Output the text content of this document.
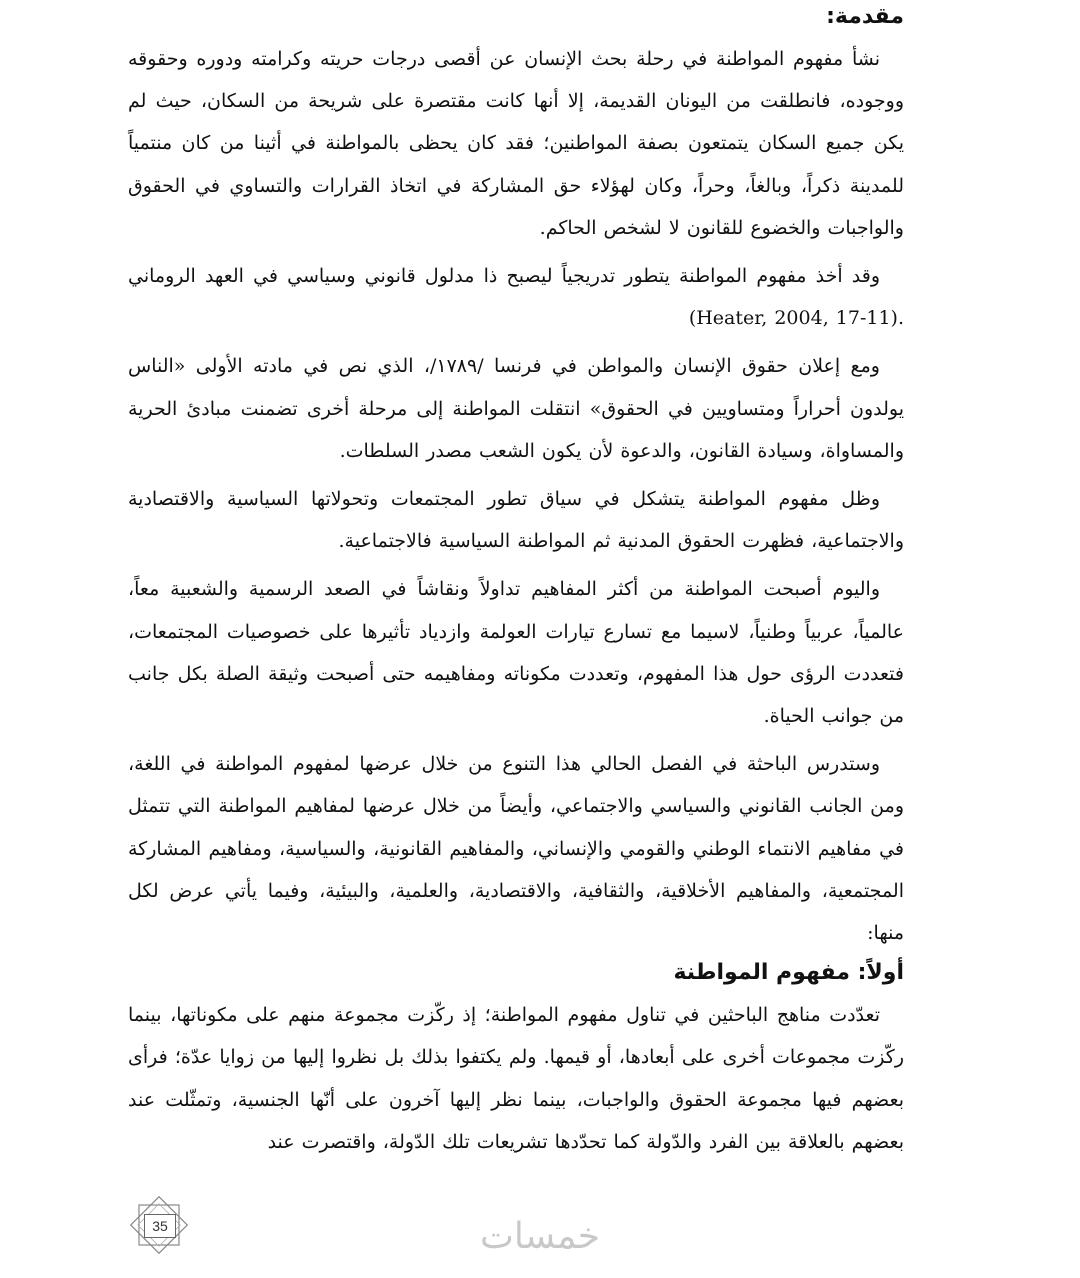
مقدمة:

نشأ مفهوم المواطنة في رحلة بحث الإنسان عن أقصى درجات حريته وكرامته ودوره وحقوقه ووجوده، فانطلقت من اليونان القديمة، إلا أنها كانت مقتصرة على شريحة من السكان، حيث لم يكن جميع السكان يتمتعون بصفة المواطنين؛ فقد كان يحظى بالمواطنة في أثينا من كان منتمياً للمدينة ذكراً، وبالغاً، وحراً، وكان لهؤلاء حق المشاركة في اتخاذ القرارات والتساوي في الحقوق والواجبات والخضوع للقانون لا لشخص الحاكم.

وقد أخذ مفهوم المواطنة يتطور تدريجياً ليصبح ذا مدلول قانوني وسياسي في العهد الروماني (Heater, 2004, 17-11).

ومع إعلان حقوق الإنسان والمواطن في فرنسا /١٧٨٩/، الذي نص في مادته الأولى «الناس يولدون أحراراً ومتساويين في الحقوق» انتقلت المواطنة إلى مرحلة أخرى تضمنت مبادئ الحرية والمساواة، وسيادة القانون، والدعوة لأن يكون الشعب مصدر السلطات.

وظل مفهوم المواطنة يتشكل في سياق تطور المجتمعات وتحولاتها السياسية والاقتصادية والاجتماعية، فظهرت الحقوق المدنية ثم المواطنة السياسية فالاجتماعية.

واليوم أصبحت المواطنة من أكثر المفاهيم تداولاً ونقاشاً في الصعد الرسمية والشعبية معاً، عالمياً، عربياً وطنياً، لاسيما مع تسارع تيارات العولمة وازدياد تأثيرها على خصوصيات المجتمعات، فتعددت الرؤى حول هذا المفهوم، وتعددت مكوناته ومفاهيمه حتى أصبحت وثيقة الصلة بكل جانب من جوانب الحياة.

وستدرس الباحثة في الفصل الحالي هذا التنوع من خلال عرضها لمفهوم المواطنة في اللغة، ومن الجانب القانوني والسياسي والاجتماعي، وأيضاً من خلال عرضها لمفاهيم المواطنة التي تتمثل في مفاهيم الانتماء الوطني والقومي والإنساني، والمفاهيم القانونية، والسياسية، ومفاهيم المشاركة المجتمعية، والمفاهيم الأخلاقية، والثقافية، والاقتصادية، والعلمية، والبيئية، وفيما يأتي عرض لكل منها:

أولاً: مفهوم المواطنة

تعدّدت مناهج الباحثين في تناول مفهوم المواطنة؛ إذ ركّزت مجموعة منهم على مكوناتها، بينما ركّزت مجموعات أخرى على أبعادها، أو قيمها. ولم يكتفوا بذلك بل نظروا إليها من زوايا عدّة؛ فرأى بعضهم فيها مجموعة الحقوق والواجبات، بينما نظر إليها آخرون على أنّها الجنسية، وتمثّلت عند بعضهم بالعلاقة بين الفرد والدّولة كما تحدّدها تشريعات تلك الدّولة، واقتصرت عند

35	خمسات
